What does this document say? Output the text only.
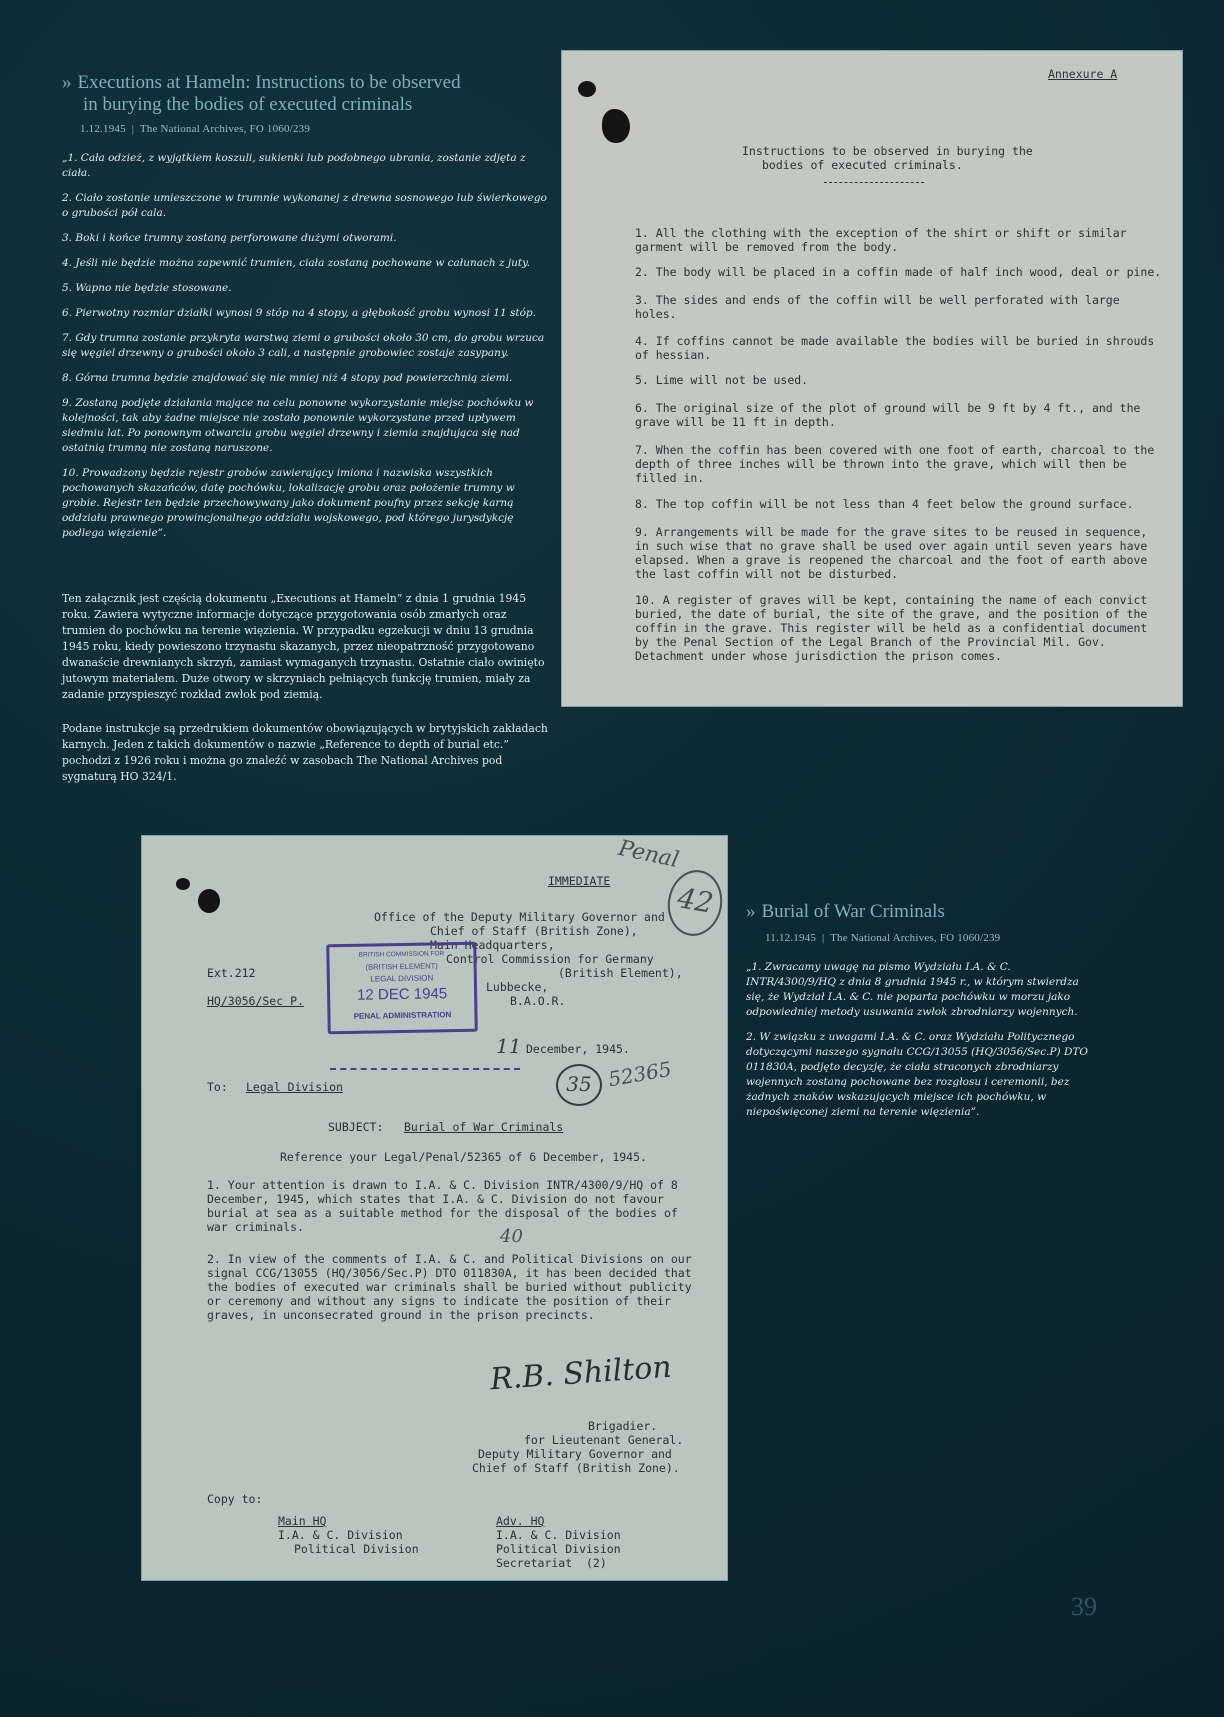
» Executions at Hameln: Instructions to be observed
in burying the bodies of executed criminals
1.12.1945 | The National Archives, FO 1060/239

„1. Cała odzież, z wyjątkiem koszuli, sukienki lub podobnego ubrania, zostanie zdjęta z ciała.

2. Ciało zostanie umieszczone w trumnie wykonanej z drewna sosnowego lub świerkowego o grubości pół cala.

3. Boki i końce trumny zostaną perforowane dużymi otworami.

4. Jeśli nie będzie można zapewnić trumien, ciała zostaną pochowane w całunach z juty.

5. Wapno nie będzie stosowane.

6. Pierwotny rozmiar działki wynosi 9 stóp na 4 stopy, a głębokość grobu wynosi 11 stóp.

7. Gdy trumna zostanie przykryta warstwą ziemi o grubości około 30 cm, do grobu wrzuca się węgiel drzewny o grubości około 3 cali, a następnie grobowiec zostaje zasypany.

8. Górna trumna będzie znajdować się nie mniej niż 4 stopy pod powierzchnią ziemi.

9. Zostaną podjęte działania mające na celu ponowne wykorzystanie miejsc pochówku w kolejności, tak aby żadne miejsce nie zostało ponownie wykorzystane przed upływem siedmiu lat. Po ponownym otwarciu grobu węgiel drzewny i ziemia znajdująca się nad ostatnią trumną nie zostaną naruszone.

10. Prowadzony będzie rejestr grobów zawierający imiona i nazwiska wszystkich pochowanych skazańców, datę pochówku, lokalizację grobu oraz położenie trumny w grobie. Rejestr ten będzie przechowywany jako dokument poufny przez sekcję karną oddziału prawnego prowincjonalnego oddziału wojskowego, pod którego jurysdykcję podlega więzienie”.

Ten załącznik jest częścią dokumentu „Executions at Hameln” z dnia 1 grudnia 1945 roku. Zawiera wytyczne informacje dotyczące przygotowania osób zmarłych oraz trumien do pochówku na terenie więzienia. W przypadku egzekucji w dniu 13 grudnia 1945 roku, kiedy powieszono trzynastu skazanych, przez nieopatrzność przygotowano dwanaście drewnianych skrzyń, zamiast wymaganych trzynastu. Ostatnie ciało owinięto jutowym materiałem. Duże otwory w skrzyniach pełniących funkcję trumien, miały za zadanie przyspieszyć rozkład zwłok pod ziemią.

Podane instrukcje są przedrukiem dokumentów obowiązujących w brytyjskich zakładach karnych. Jeden z takich dokumentów o nazwie „Reference to depth of burial etc.” pochodzi z 1926 roku i można go znaleźć w zasobach The National Archives pod sygnaturą HO 324/1.

Annexure A
Instructions to be observed in burying the
bodies of executed criminals.
1. All the clothing with the exception of the shirt or shift or similar garment will be removed from the body.
2. The body will be placed in a coffin made of half inch wood, deal or pine.
3. The sides and ends of the coffin will be well perforated with large holes.
4. If coffins cannot be made available the bodies will be buried in shrouds of hessian.
5. Lime will not be used.
6. The original size of the plot of ground will be 9 ft by 4 ft., and the grave will be 11 ft in depth.
7. When the coffin has been covered with one foot of earth, charcoal to the depth of three inches will be thrown into the grave, which will then be filled in.
8. The top coffin will be not less than 4 feet below the ground surface.
9. Arrangements will be made for the grave sites to be reused in sequence, in such wise that no grave shall be used over again until seven years have elapsed. When a grave is reopened the charcoal and the foot of earth above the last coffin will not be disturbed.
10. A register of graves will be kept, containing the name of each convict buried, the date of burial, the site of the grave, and the position of the coffin in the grave. This register will be held as a confidential document by the Penal Section of the Legal Branch of the Provincial Mil. Gov. Detachment under whose jurisdiction the prison comes.
Penal
42
IMMEDIATE
Office of the Deputy Military Governor and
Chief of Staff (British Zone),
Main Headquarters,
Control Commission for Germany
(British Element),
Lubbecke,
B.A.O.R.
Ext.212
HQ/3056/Sec P.
BRITISH COMMISSION FOR
(BRITISH ELEMENT)
LEGAL DIVISION
12 DEC 1945
PENAL ADMINISTRATION
11 December, 1945.
To: Legal Division	35 52365
SUBJECT: Burial of War Criminals
Reference your Legal/Penal/52365 of 6 December, 1945.
1. Your attention is drawn to I.A. & C. Division INTR/4300/9/HQ of 8 December, 1945, which states that I.A. & C. Division do not favour burial at sea as a suitable method for the disposal of the bodies of war criminals.	40
2. In view of the comments of I.A. & C. and Political Divisions on our signal CCG/13055 (HQ/3056/Sec.P) DTO 011830A, it has been decided that the bodies of executed war criminals shall be buried without publicity or ceremony and without any signs to indicate the position of their graves, in unconsecrated ground in the prison precincts.
R.B. Shilton
Brigadier.
for Lieutenant General.
Deputy Military Governor and
Chief of Staff (British Zone).
Copy to:
Main HQ
I.A. & C. Division
Political Division
Adv. HQ
I.A. & C. Division
Political Division
Secretariat  (2)
» Burial of War Criminals
11.12.1945 | The National Archives, FO 1060/239

„1. Zwracamy uwagę na pismo Wydziału I.A. & C. INTR/4300/9/HQ z dnia 8 grudnia 1945 r., w którym stwierdza się, że Wydział I.A. & C. nie poparta pochówku w morzu jako odpowiedniej metody usuwania zwłok zbrodniarzy wojennych.

2. W związku z uwagami I.A. & C. oraz Wydziału Politycznego dotyczącymi naszego sygnału CCG/13055 (HQ/3056/Sec.P) DTO 011830A, podjęto decyzję, że ciała straconych zbrodniarzy wojennych zostaną pochowane bez rozgłosu i ceremonii, bez żadnych znaków wskazujących miejsce ich pochówku, w niepoświęconej ziemi na terenie więzienia”.

39
